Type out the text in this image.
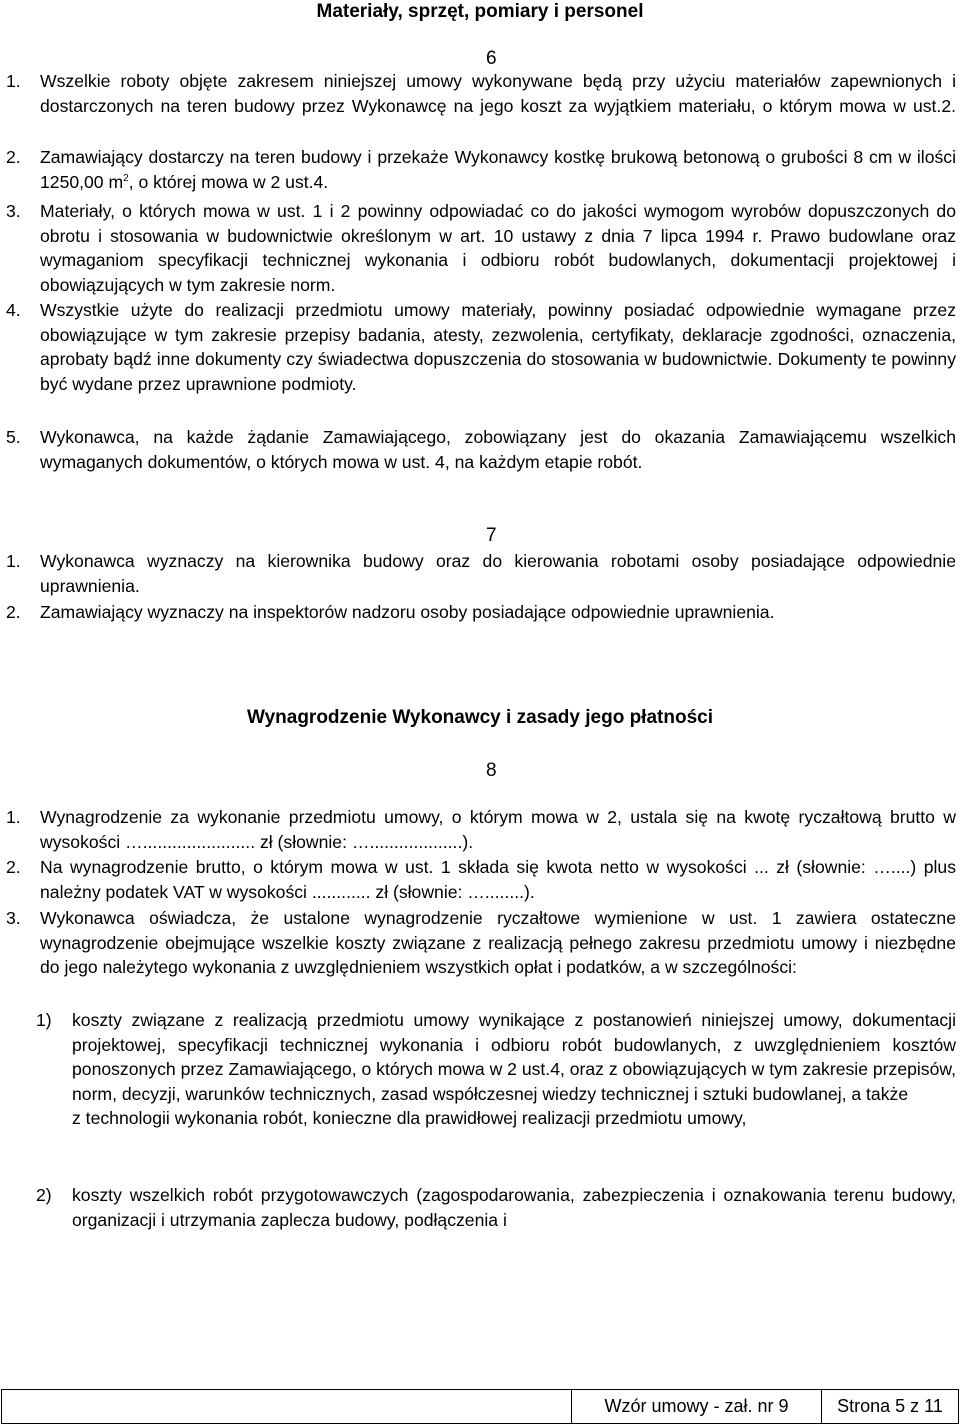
Materiały, sprzęt, pomiary i personel
6
1. Wszelkie roboty objęte zakresem niniejszej umowy wykonywane będą przy użyciu materiałów zapewnionych i dostarczonych na teren budowy przez Wykonawcę na jego koszt za wyjątkiem materiału, o którym mowa w ust.2.
2. Zamawiający dostarczy na teren budowy i przekaże Wykonawcy kostkę brukową betonową o grubości 8 cm w ilości 1250,00 $m^2$, o której mowa w 2 ust.4.
3. Materiały, o których mowa w ust. 1 i 2 powinny odpowiadać co do jakości wymogom wyrobów dopuszczonych do obrotu i stosowania w budownictwie określonym w art. 10 ustawy z dnia 7 lipca 1994 r. Prawo budowlane oraz wymaganiom specyfikacji technicznej wykonania i odbioru robót budowlanych, dokumentacji projektowej i obowiązujących w tym zakresie norm.
4. Wszystkie użyte do realizacji przedmiotu umowy materiały, powinny posiadać odpowiednie wymagane przez obowiązujące w tym zakresie przepisy badania, atesty, zezwolenia, certyfikaty, deklaracje zgodności, oznaczenia, aprobaty bądź inne dokumenty czy świadectwa dopuszczenia do stosowania w budownictwie. Dokumenty te powinny być wydane przez uprawnione podmioty.
5. Wykonawca, na każde żądanie Zamawiającego, zobowiązany jest do okazania Zamawiającemu wszelkich wymaganych dokumentów, o których mowa w ust. 4, na każdym etapie robót.
7
1. Wykonawca wyznaczy na kierownika budowy oraz do kierowania robotami osoby posiadające odpowiednie uprawnienia.
2. Zamawiający wyznaczy na inspektorów nadzoru osoby posiadające odpowiednie uprawnienia.
Wynagrodzenie Wykonawcy i zasady jego płatności
8
1. Wynagrodzenie za wykonanie przedmiotu umowy, o którym mowa w 2, ustala się na kwotę ryczałtową brutto w wysokości …....................... zł (słownie: …...................).
2. Na wynagrodzenie brutto, o którym mowa w ust. 1 składa się kwota netto w wysokości ... zł (słownie: …....) plus należny podatek VAT w wysokości ............ zł (słownie: …........).
3. Wykonawca oświadcza, że ustalone wynagrodzenie ryczałtowe wymienione w ust. 1 zawiera ostateczne wynagrodzenie obejmujące wszelkie koszty związane z realizacją pełnego zakresu przedmiotu umowy i niezbędne do jego należytego wykonania z uwzględnieniem wszystkich opłat i podatków, a w szczególności:
1) koszty związane z realizacją przedmiotu umowy wynikające z postanowień niniejszej umowy, dokumentacji projektowej, specyfikacji technicznej wykonania i odbioru robót budowlanych, z uwzględnieniem kosztów ponoszonych przez Zamawiającego, o których mowa w 2 ust.4, oraz z obowiązujących w tym zakresie przepisów, norm, decyzji, warunków technicznych, zasad współczesnej wiedzy technicznej i sztuki budowlanej, a także
z technologii wykonania robót, konieczne dla prawidłowej realizacji przedmiotu umowy,
2) koszty wszelkich robót przygotowawczych (zagospodarowania, zabezpieczenia i oznakowania terenu budowy, organizacji i utrzymania zaplecza budowy, podłączenia i
Wzór umowy - zał. nr 9	Strona 5 z 11
